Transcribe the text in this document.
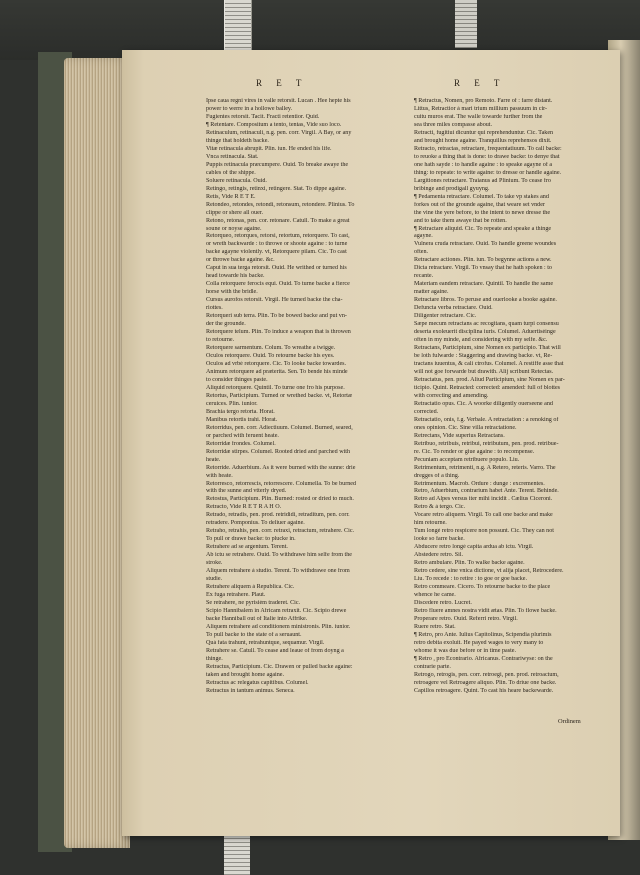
R E T	R E T
Ipse caua regni vires in valle retorsit. Lucan . Hee hepte his
power to werre in a hollowe balley.
Fugientes retorsit. Tacit. Fracti retentior. Quid.
¶ Retentare. Compositum a tento, tentas, Vide suo loco.
Retinaculum, retinaculi, n.g. pen. corr. Virgil. A Bay, or any
thinge that holdeth backe.
Vitæ retinacula abrupit. Plin. iun. He ended his life.
Vnca retinacula. Stat.
Puppis retinacula præcumpere. Ouid. To breake awaye the
cables of the shippe.
Soluere retinacula. Ouid.
Retingo, retingis, retinxi, retingere. Stat. To dippe againe.
Retis, Vide R E T E.
Retondeo, retondes, retondi, retonsum, retondere. Plinius. To
clippe or shere all ouer.
Retono, retonas, pen. cor. retonare. Catull. To make a great
soune or noyse againe.
Retorqueo, retorques, retorsi, retortum, retorquere. To cast,
or wreth backwarde : to throwe or shoote againe : to turne
backe agayne violently. vt, Retorquere pilam. Cic. To cast
or throwe backe againe. &c.
Caput in sua terga retorsit. Ouid. He writhed or turned his
head towarde his backe.
Colla retorquere ferocis equi. Ouid. To turne backe a fierce
horse with the bridle.
Cursus aurofos retorsit. Virgil. He turned backe the cha-
riottes.
Retorqueri sub terra. Plin. To be bowed backe and put vn-
der the grounde.
Retorquere telum. Plin. To induce a weapon that is throwen
to retourne.
Retorquere sarmentum. Colum. To wreathe a twigge.
Oculos retorquere. Ouid. To retourne backe his eyes.
Oculos ad vrbé retorquere. Cic. To looke backe towardes.
Animum retorquere ad præterita. Sen. To bende his minde
to consider thinges paste.
Aliquid retorquere. Quintil. To turne one fro his purpose.
Retortus, Participium. Turned or wrethed backe. vt, Retortæ
ceruices. Plin. iunior.
Brachia tergo retorta. Horat.
Manibus retortis trahi. Horat.
Retorridus, pen. corr. Adiectiuum. Columel. Burned, seared,
or parched with feruent heate.
Retorridæ frondes. Columel.
Retorridæ stirpes. Columel. Rooted dried and parched with
heate.
Retorride. Aduerbium. As it were burned with the sunne: drie
with heate.
Retorresco, retorrescis, retorrescere. Columella. To be burned
with the sunne and vtterly dryed.
Retostus, Participium. Plin. Burned: rosted or dried to much.
Retracto, Vide R E T R A H O.
Retrado, retradis, pen. prod. retrididi, retraditum, pen. corr.
retradere. Pomponius. To deliuer againe.
Retraho, retrahis, pen. corr. retraxi, retractum, retrahere. Cic.
To pull or drawe backe: to plucke in.
Retrahere ad se argentum. Terent.
Ab ictu se retrahere. Ouid. To withdrawe him selfe from the
stroke.
Aliquem retrahere à studio. Terent. To withdrawe one from
studie.
Retrahere aliquem à Republica. Cic.
Ex fuga retrahere. Plaut.
Se retrahere, ne pyrisiém traderet. Cic.
Scipio Hannibalem in Africam retraxit. Cic. Scipio drewe
backe Hanniball out of Italie into Affrike.
Aliquem retrahere ad conditionem ministronis. Plin. iunior.
To pull backe to the state of a seruaunt.
Quá fata trahunt, retrahuntque, sequamur. Virgil.
Retrahere se. Catull. To cease and leaue of from doyng a
thinge.
Retractus, Participium. Cic. Drawen or pulled backe againe:
taken and brought home againe.
Retractus ac relegatus capitibus. Columel.
Retractus in tantum animus. Seneca.
¶ Retractus, Nomen, pro Remoto. Farre of : farre distant.
Littus, Retractior à mari trium millium passuum in cir-
cuitu muros erat. The walle towarde further from the
sea three miles compasse about.
Retracti, fugitiui dicuntur qui reprehenduntur. Cic. Taken
and brought home againe. Tranquillus reprehensos dixit.
Retracto, retractas, retractare, frequentatiuum. To call backe:
to reuoke a thing that is done: to drawe backe: to denye that
one hath sayde : to handle againe : to speake agayne of a
thing: to repeate: to write againe: to dresse or handle againe.
Largitiones retractare. Traianus ad Plinium. To cease fro
bribinge and prodigall gyuyng.
¶ Pedamenta retractare. Columel. To take vp stakes and
forkes out of the grounde againe, that weare set vnder
the vine the yere before, to the intent to newe dresse the
and to take them awaye that be rotten.
¶ Retractare aliquid. Cic. To repeate and speake a thinge
agayne.
Vulnera cruda retractare. Ouid. To handle greene woundes
often.
Retractare actiones. Plin. iun. To begynne actions a new.
Dicta retractare. Virgil. To vnsay that he hath spoken : to
recante.
Materiam eandem retractare. Quintil. To handle the same
matter againe.
Retractare libros. To peruse and ouerlooke a booke againe.
Defuncta verba retractare. Ouid.
Diligenter retractare. Cic.
Sæpe mecum retractans ac recogitans, quam turpi consensu
deserta exoleuerit disciplina iuris. Columel. Aduertiséinge
often in my minde, and considering with my selfe. &c.
Retractans, Participium, sine Nomen ex participio. That will
be loth fulwarde : Staggering and drawing backe. vt, Re-
tractans iuuentus, & cali ctrofus. Columel. A restiffe asse that
will not goe forwarde but drawith. Alij scribunt Retectas.
Retractatus, pen. prod. Aliud Participium, sine Nomen ex par-
ticipio. Quint. Retracted: corrected: amended: full of blottes
with correcting and amending.
Retractatio opus. Cic. A woorke diligently ouerseene and
corrected.
Retractatio, onis, f.g. Verbale. A retractation : a renoking of
ones opinion. Cic. Sine villa retractatione.
Retrectans, Vide superius Retractans.
Retribuo, retribuis, retribui, retributum, pen. prod. retribue-
re. Cic. To render or giue againe : to recompense.
Pecuniam acceptam retribuere populo. Liu.
Retrimentum, retrimenti, n.g. A Retero, reteris. Varro. The
dregges of a thing.
Retrimentum. Macrob. Ordure : dunge : excrementes.
Retro, Aduerbium, contrarium habet Ante. Terent. Behinde.
Retro ad Alpes versus iter mihi incidit . Cælius Ciceroni.
Retro & à tergo. Cic.
Vocare retro aliquem. Virgil. To call one backe and make
him retourne.
Tum longè retro respicere non possunt. Cic. They can not
looke so farre backe.
Abducere retro longè capita ardua ab ictu. Virgil.
Abstedere retro. Sil.
Retro ambulare. Plin. To walke backe againe.
Retro cedere, sine vnica dictione, vt alija placet, Retrocedere.
Liu. To recede : to retire : to goe or goe backe.
Retro commeare. Cicero. To retourne backe to the place
whence he came.
Discedere retro. Lucret.
Retro fluere amnes nostra vidit ætas. Plin. To flowe backe.
Properare retro. Ouid. Referri retro. Virgil.
Ruere retro. Stat.
¶ Retro, pro Ante. Iulius Capitolinus, Scipendia plurimis
retro debita exoluit. He payed wages to very many to
whome it was due before or in time paste.
¶ Retro , pro Econtrario. Africanus. Contrariwyse: on the
contrarie parte.
Retrogo, retrogis, pen. corr. retroegi, pen. prod. retroactum,
retroagere vel Retroagere aliquo. Plin. To driue one backe.
Capillos retroagere. Quint. To cast his heare backewarde.
Ordinem
